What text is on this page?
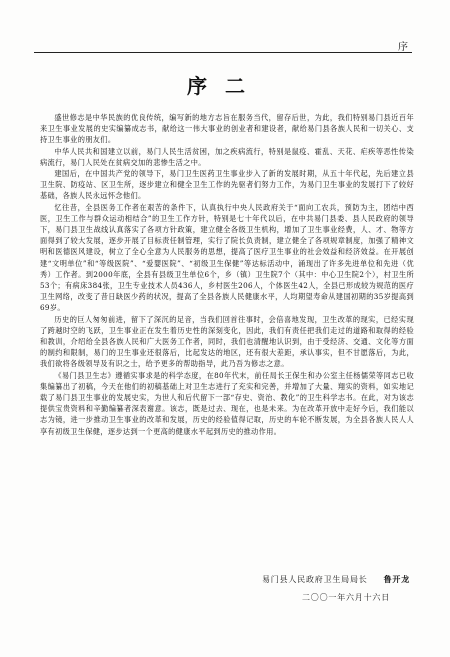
序
序二

盛世修志是中华民族的优良传统，编写新的地方志旨在服务当代，留存后世，为此，我们特别易门县近百年来卫生事业发展的史实编纂成志书，献给这一伟大事业的创业者和建设者，献给易门县各族人民和一切关心、支持卫生事业的朋友们。

中华人民共和国建立以前，易门人民生活贫困，加之疾病流行，特别是鼠疫、霍乱、天花、疟疾等恶性传染病流行，易门人民处在贫病交加的悲惨生活之中。

建国后，在中国共产党的领导下，易门卫生医药卫生事业步入了新的发展时期，从五十年代起，先后建立县卫生院、防疫站、区卫生所，逐步建立和健全卫生工作的先驱者们努力工作，为易门卫生事业的发展打下了较好基础，各族人民永远怀念他们。

忆往昔，全县医务工作者在艰苦的条件下，认真执行中央人民政府关于“面向工农兵，预防为主，团结中西医，卫生工作与群众运动相结合”的卫生工作方针，特别是七十年代以后，在中共易门县委、县人民政府的领导下，易门县卫生战线认真落实了各项方针政策，建立健全各级卫生机构，增加了卫生事业经费，人、才、物等方面得到了较大发展，逐步开展了目标责任制管理，实行了院长负责制，建立健全了各项规章制度，加强了精神文明和医德医风建设，树立了全心全意为人民服务的思想，提高了医疗卫生事业的社会效益和经济效益。在开展创建“文明单位”和“等级医院”、“爱婴医院”、“初级卫生保健”等达标活动中，涌现出了许多先进单位和先进（优秀）工作者。到2000年底，全县有县级卫生单位6个，乡（镇）卫生院7个（其中：中心卫生院2个），村卫生所53个；有病床384张，卫生专业技术人员436人，乡村医生206人，个体医生42人，全县已形成较为规范的医疗卫生网络，改变了昔日缺医少药的状况，提高了全县各族人民健康水平，人均期望寿命从建国初期的35岁提高到69岁。

历史的巨人匆匆前进，留下了深沉的足音，当我们回首往事时，会倍喜地发现，卫生改革的现实，已经实现了跨越时空的飞跃，卫生事业正在发生着历史性的深刻变化，因此，我们有责任把我们走过的道路和取得的经验和教训，介绍给全县各族人民和广大医务工作者，同时，我们也清醒地认识到，由于受经济、交通、文化等方面的制约和限制，易门的卫生事业还很落后，比起发达的地区，还有很大差距，承认事实，但不甘愿落后，为此，我们欲将各级领导及有识之士，给予更多的帮助指导，此乃吾为修志之意。

《易门县卫生志》遵循实事求是的科学态度，在80年代末，前任局长王保生和办公室主任杨儒荣等同志已收集编纂出了初稿，今天在他们的初稿基础上对卫生志进行了充实和完善，并增加了大量、翔实的资料，如实地记载了易门县卫生事业的发展史实，为世人和后代留下一部“存史、资治、教化”的卫生科学志书。在此，对为该志提供宝贵资料和辛勤编纂者深表谢意。该志，既是过去、现在，也是未来。为在改革开放中走好今后，我们能以志为镜，进一步推动卫生事业的改革和发展，历史的经验值得记取，历史的车轮不断发展，为全县各族人民人人享有初级卫生保健，逐步达到一个更高的健康水平起到历史的推动作用。

易门县人民政府卫生局局长 鲁开龙
二〇〇一年六月十六日
